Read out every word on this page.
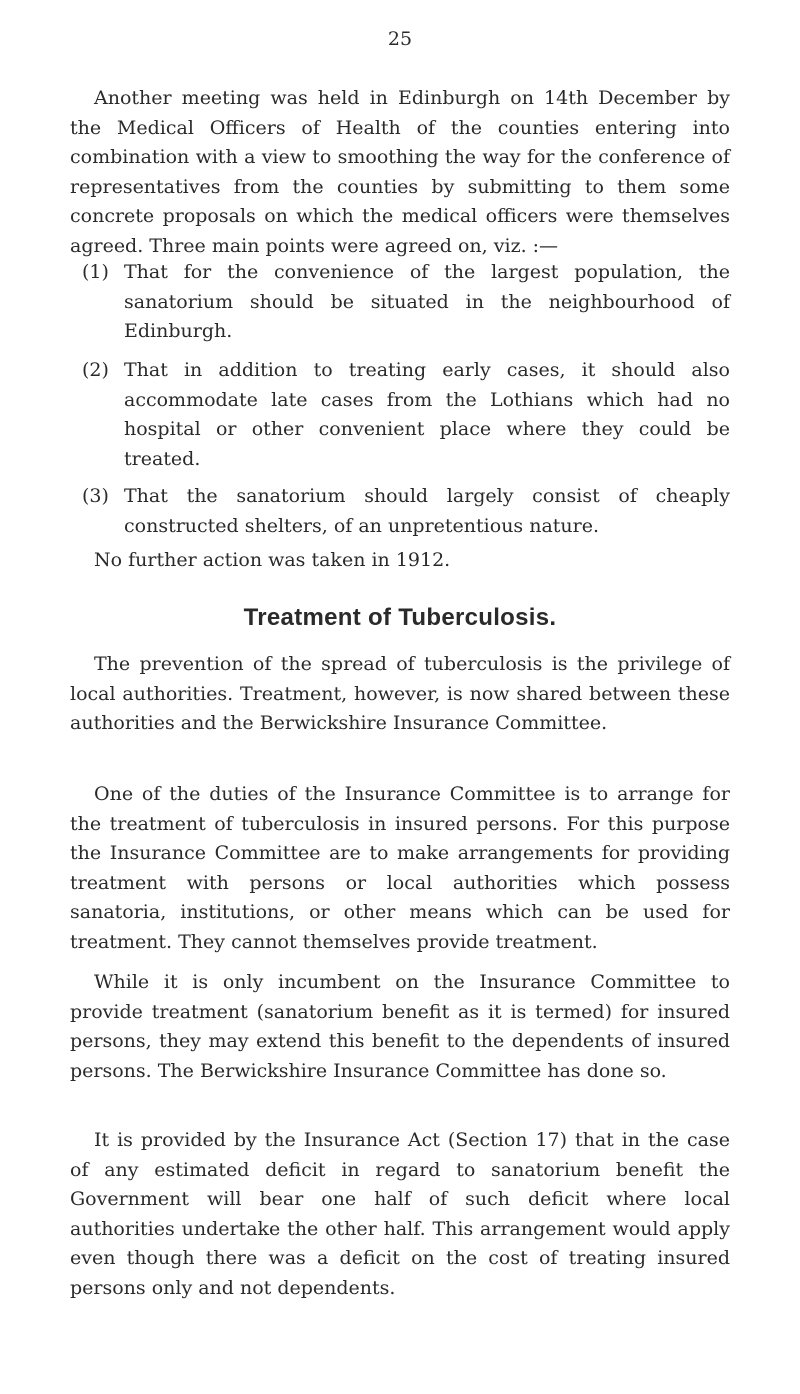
25

Another meeting was held in Edinburgh on 14th December by the Medical Officers of Health of the counties entering into combination with a view to smoothing the way for the conference of representatives from the counties by submitting to them some concrete proposals on which the medical officers were themselves agreed. Three main points were agreed on, viz. :—

(1) That for the convenience of the largest population, the sanatorium should be situated in the neighbourhood of Edinburgh.

(2) That in addition to treating early cases, it should also accommodate late cases from the Lothians which had no hospital or other convenient place where they could be treated.

(3) That the sanatorium should largely consist of cheaply constructed shelters, of an unpretentious nature.

No further action was taken in 1912.

Treatment of Tuberculosis.

The prevention of the spread of tuberculosis is the privilege of local authorities. Treatment, however, is now shared between these authorities and the Berwickshire Insurance Committee.

One of the duties of the Insurance Committee is to arrange for the treatment of tuberculosis in insured persons. For this purpose the Insurance Committee are to make arrangements for providing treatment with persons or local authorities which possess sanatoria, institutions, or other means which can be used for treatment. They cannot themselves provide treatment.

While it is only incumbent on the Insurance Committee to provide treatment (sanatorium benefit as it is termed) for insured persons, they may extend this benefit to the dependents of insured persons. The Berwickshire Insurance Committee has done so.

It is provided by the Insurance Act (Section 17) that in the case of any estimated deficit in regard to sanatorium benefit the Government will bear one half of such deficit where local authorities undertake the other half. This arrangement would apply even though there was a deficit on the cost of treating insured persons only and not dependents.
